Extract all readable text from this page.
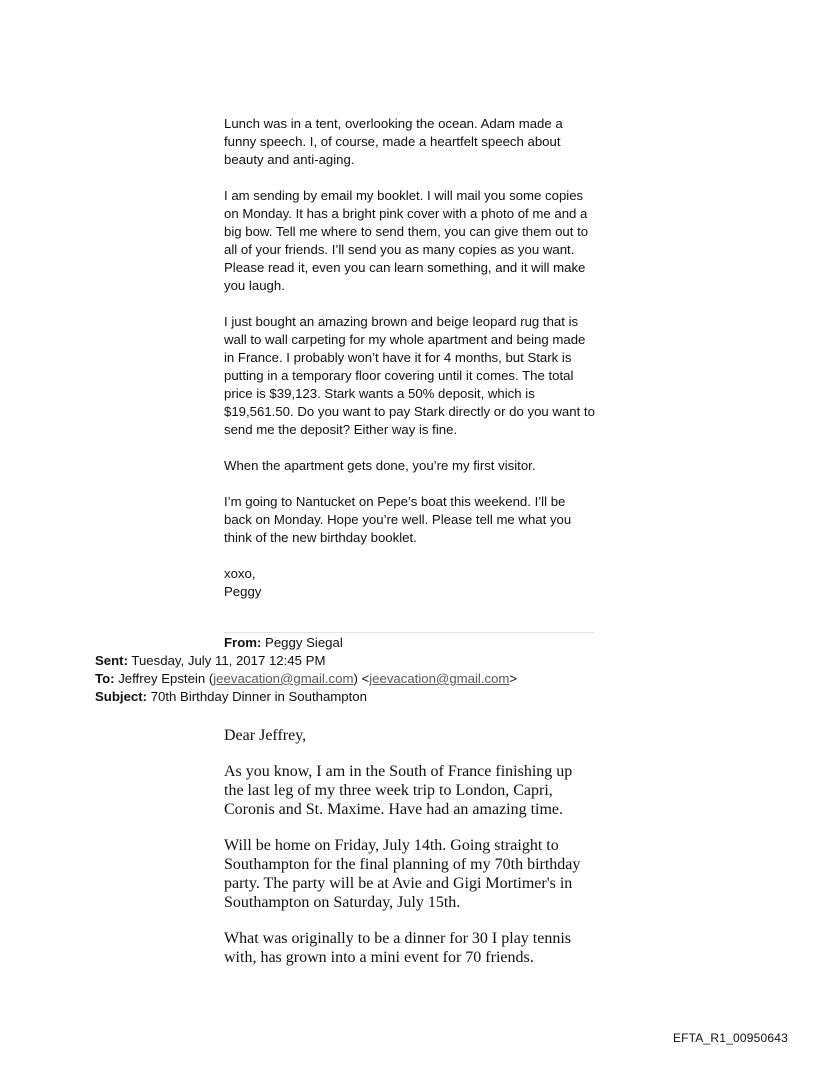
Lunch was in a tent, overlooking the ocean. Adam made a funny speech. I, of course, made a heartfelt speech about beauty and anti-aging.

I am sending by email my booklet. I will mail you some copies on Monday. It has a bright pink cover with a photo of me and a big bow. Tell me where to send them, you can give them out to all of your friends. I’ll send you as many copies as you want. Please read it, even you can learn something, and it will make you laugh.

I just bought an amazing brown and beige leopard rug that is wall to wall carpeting for my whole apartment and being made in France. I probably won’t have it for 4 months, but Stark is putting in a temporary floor covering until it comes. The total price is $39,123. Stark wants a 50% deposit, which is $19,561.50. Do you want to pay Stark directly or do you want to send me the deposit? Either way is fine.

When the apartment gets done, you’re my first visitor.

I’m going to Nantucket on Pepe’s boat this weekend. I’ll be back on Monday. Hope you’re well. Please tell me what you think of the new birthday booklet.

xoxo,

Peggy

From: Peggy Siegal
Sent: Tuesday, July 11, 2017 12:45 PM
To: Jeffrey Epstein (jeevacation@gmail.com) <jeevacation@gmail.com>
Subject: 70th Birthday Dinner in Southampton

Dear Jeffrey,

As you know, I am in the South of France finishing up the last leg of my three week trip to London, Capri, Coronis and St. Maxime. Have had an amazing time.

Will be home on Friday, July 14th. Going straight to Southampton for the final planning of my 70th birthday party. The party will be at Avie and Gigi Mortimer's in Southampton on Saturday, July 15th.

What was originally to be a dinner for 30 I play tennis with, has grown into a mini event for 70 friends.

EFTA_R1_00950643
